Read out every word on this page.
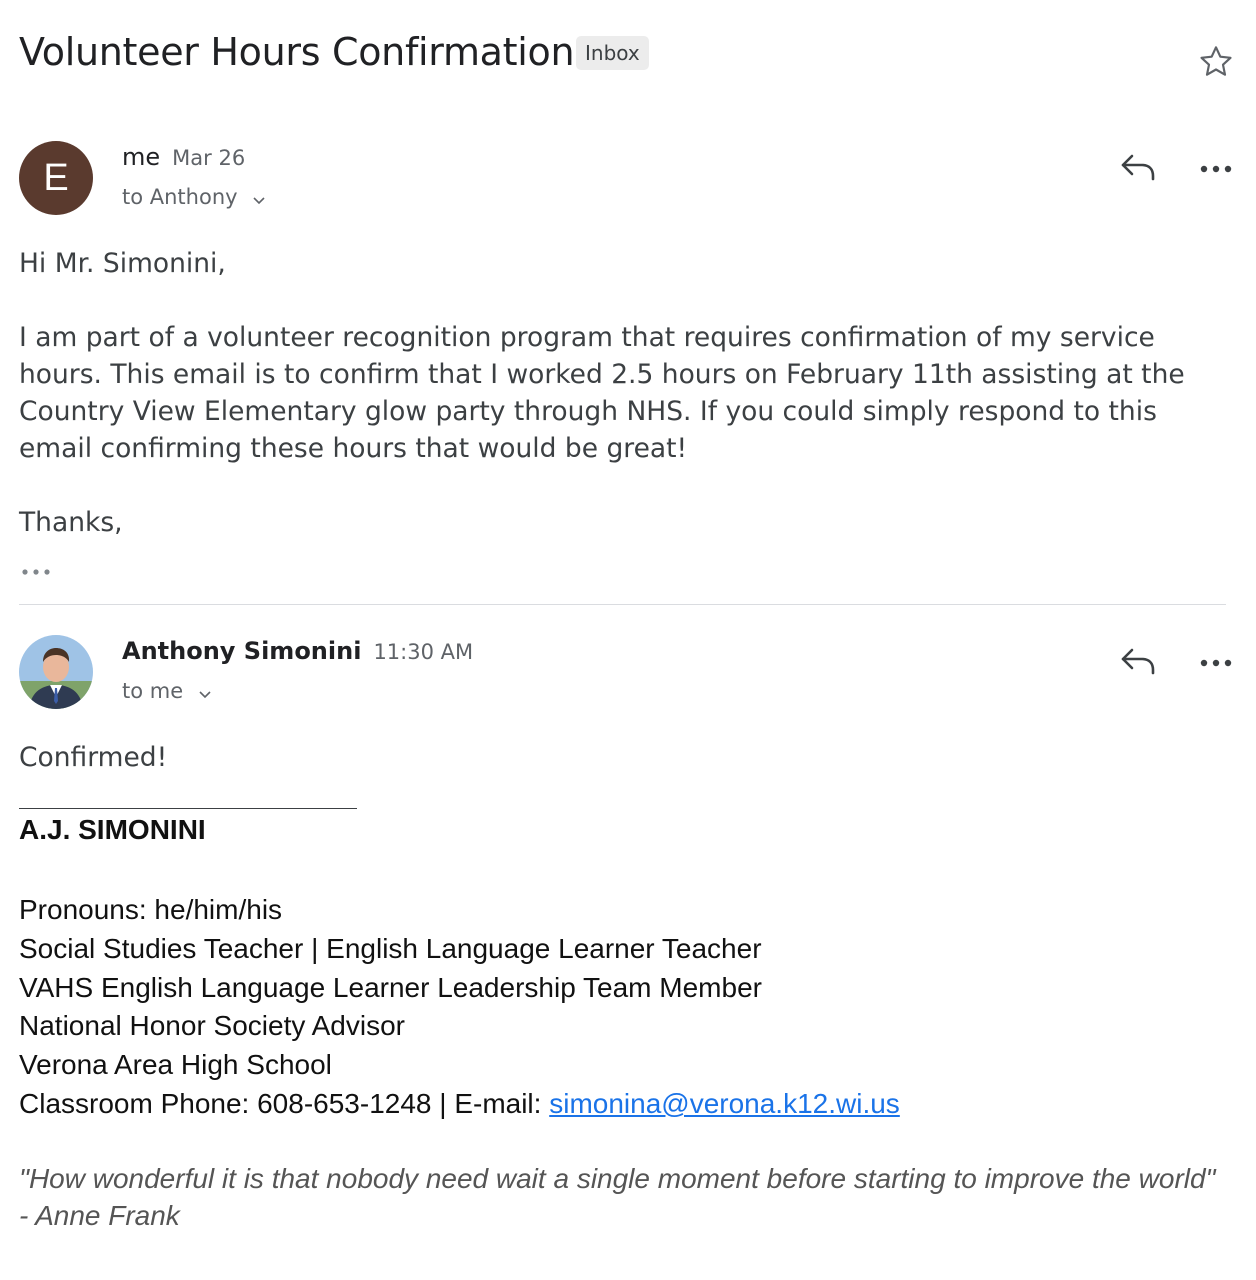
Volunteer Hours Confirmation Inbox
E me Mar 26
to Anthony

Hi Mr. Simonini,

I am part of a volunteer recognition program that requires confirmation of my service hours. This email is to confirm that I worked 2.5 hours on February 11th assisting at the Country View Elementary glow party through NHS. If you could simply respond to this email confirming these hours that would be great!

Thanks,

Anthony Simonini 11:30 AM
to me

Confirmed!

A.J. SIMONINI
Pronouns: he/him/his
Social Studies Teacher | English Language Learner Teacher
VAHS English Language Learner Leadership Team Member
National Honor Society Advisor
Verona Area High School
Classroom Phone: 608-653-1248 | E-mail: simonina@verona.k12.wi.us
"How wonderful it is that nobody need wait a single moment before starting to improve the world" - Anne Frank
